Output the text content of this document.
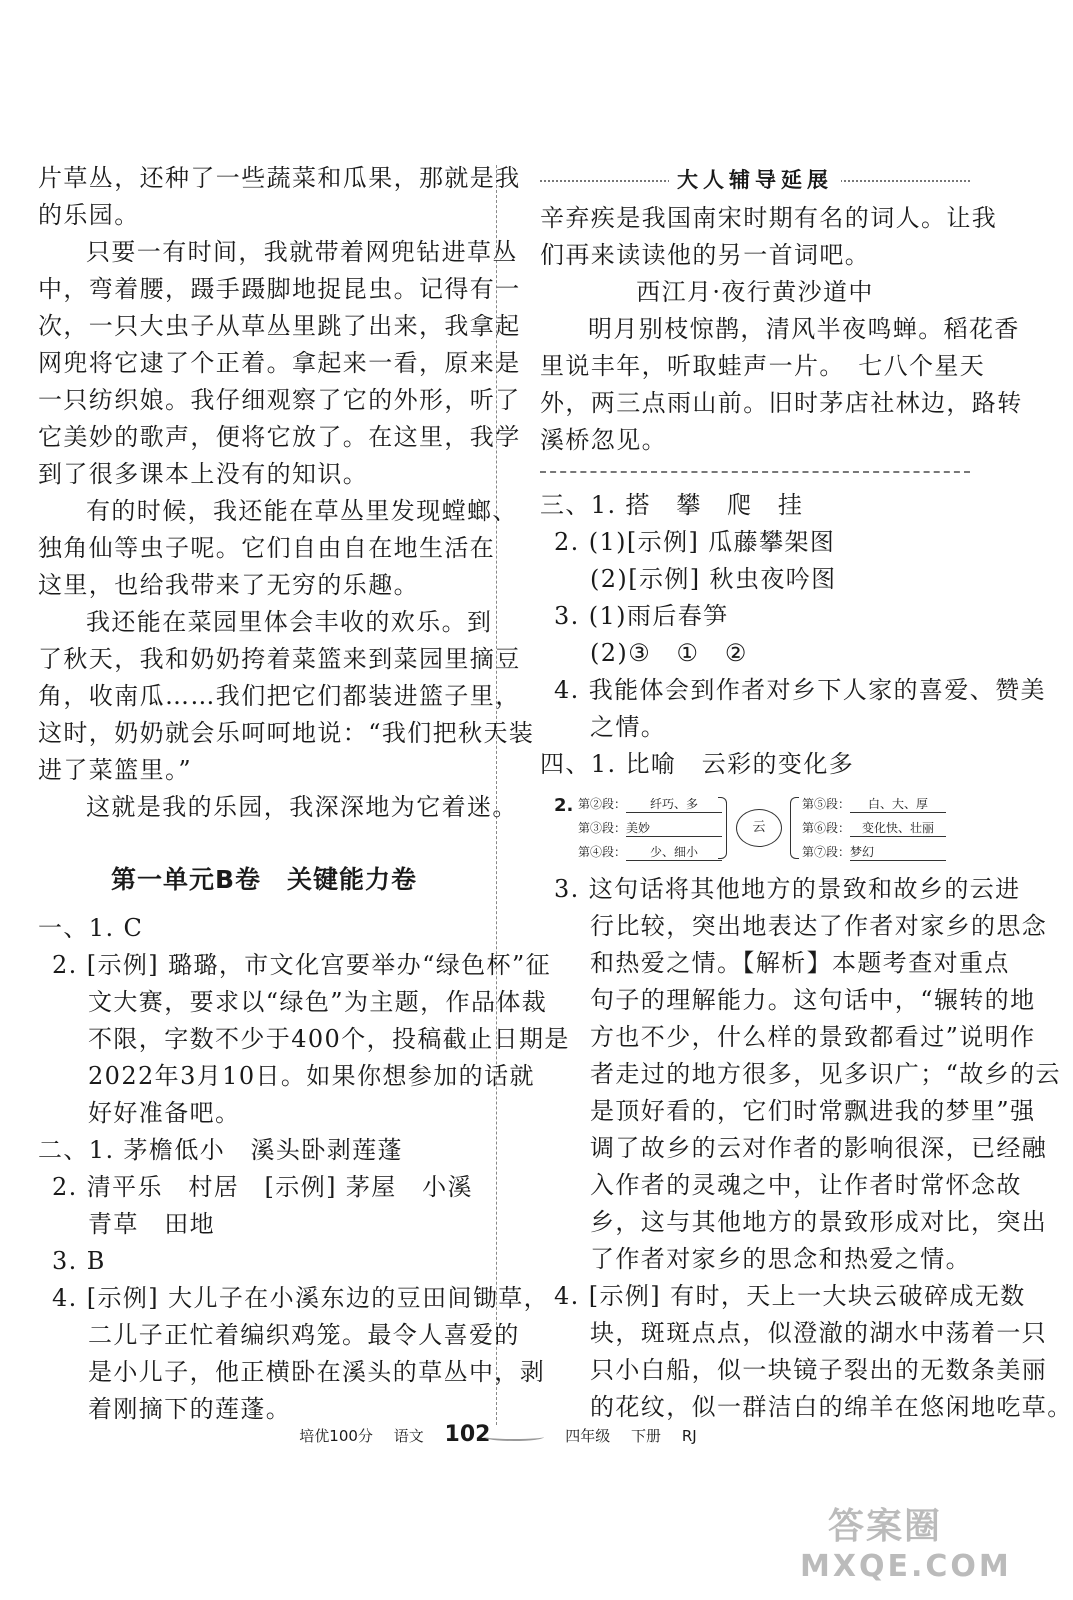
片草丛，还种了一些蔬菜和瓜果，那就是我
的乐园。
只要一有时间，我就带着网兜钻进草丛
中，弯着腰，蹑手蹑脚地捉昆虫。记得有一
次，一只大虫子从草丛里跳了出来，我拿起
网兜将它逮了个正着。拿起来一看，原来是
一只纺织娘。我仔细观察了它的外形，听了
它美妙的歌声，便将它放了。在这里，我学
到了很多课本上没有的知识。
有的时候，我还能在草丛里发现螳螂、
独角仙等虫子呢。它们自由自在地生活在
这里，也给我带来了无穷的乐趣。
我还能在菜园里体会丰收的欢乐。到
了秋天，我和奶奶挎着菜篮来到菜园里摘豆
角，收南瓜……我们把它们都装进篮子里，
这时，奶奶就会乐呵呵地说：“我们把秋天装
进了菜篮里。”
这就是我的乐园，我深深地为它着迷。
第一单元B卷　关键能力卷
一、1. C
2. [示例] 璐璐，市文化宫要举办“绿色杯”征
文大赛，要求以“绿色”为主题，作品体裁
不限，字数不少于400个，投稿截止日期是
2022年3月10日。如果你想参加的话就
好好准备吧。
二、1. 茅檐低小　溪头卧剥莲蓬
2. 清平乐　村居　[示例] 茅屋　小溪
青草　田地
3. B
4. [示例] 大儿子在小溪东边的豆田间锄草，
二儿子正忙着编织鸡笼。最令人喜爱的
是小儿子，他正横卧在溪头的草丛中，剥
着刚摘下的莲蓬。
大人辅导延展
辛弃疾是我国南宋时期有名的词人。让我
们再来读读他的另一首词吧。
西江月·夜行黄沙道中
明月别枝惊鹊，清风半夜鸣蝉。稻花香
里说丰年，听取蛙声一片。　七八个星天
外，两三点雨山前。旧时茅店社林边，路转
溪桥忽见。
三、1. 搭　攀　爬　挂
2. (1)[示例] 瓜藤攀架图
(2)[示例] 秋虫夜吟图
3. (1)雨后春笋
(2)③　①　②
4. 我能体会到作者对乡下人家的喜爱、赞美
之情。
四、1. 比喻　云彩的变化多
2. 第②段： 纤巧、多
第③段：美妙
第④段： 少、细小
云
第⑤段： 白、大、厚
第⑥段： 变化快、壮丽
第⑦段：梦幻
3. 这句话将其他地方的景致和故乡的云进
行比较，突出地表达了作者对家乡的思念
和热爱之情。【解析】本题考查对重点
句子的理解能力。这句话中，“辗转的地
方也不少，什么样的景致都看过”说明作
者走过的地方很多，见多识广；“故乡的云
是顶好看的，它们时常飘进我的梦里”强
调了故乡的云对作者的影响很深，已经融
入作者的灵魂之中，让作者时常怀念故
乡，这与其他地方的景致形成对比，突出
了作者对家乡的思念和热爱之情。
4. [示例] 有时，天上一大块云破碎成无数
块，斑斑点点，似澄澈的湖水中荡着一只
只小白船，似一块镜子裂出的无数条美丽
的花纹，似一群洁白的绵羊在悠闲地吃草。
培优100分 语文 102	四年级 下册 RJ
答案圈
MXQE.COM
